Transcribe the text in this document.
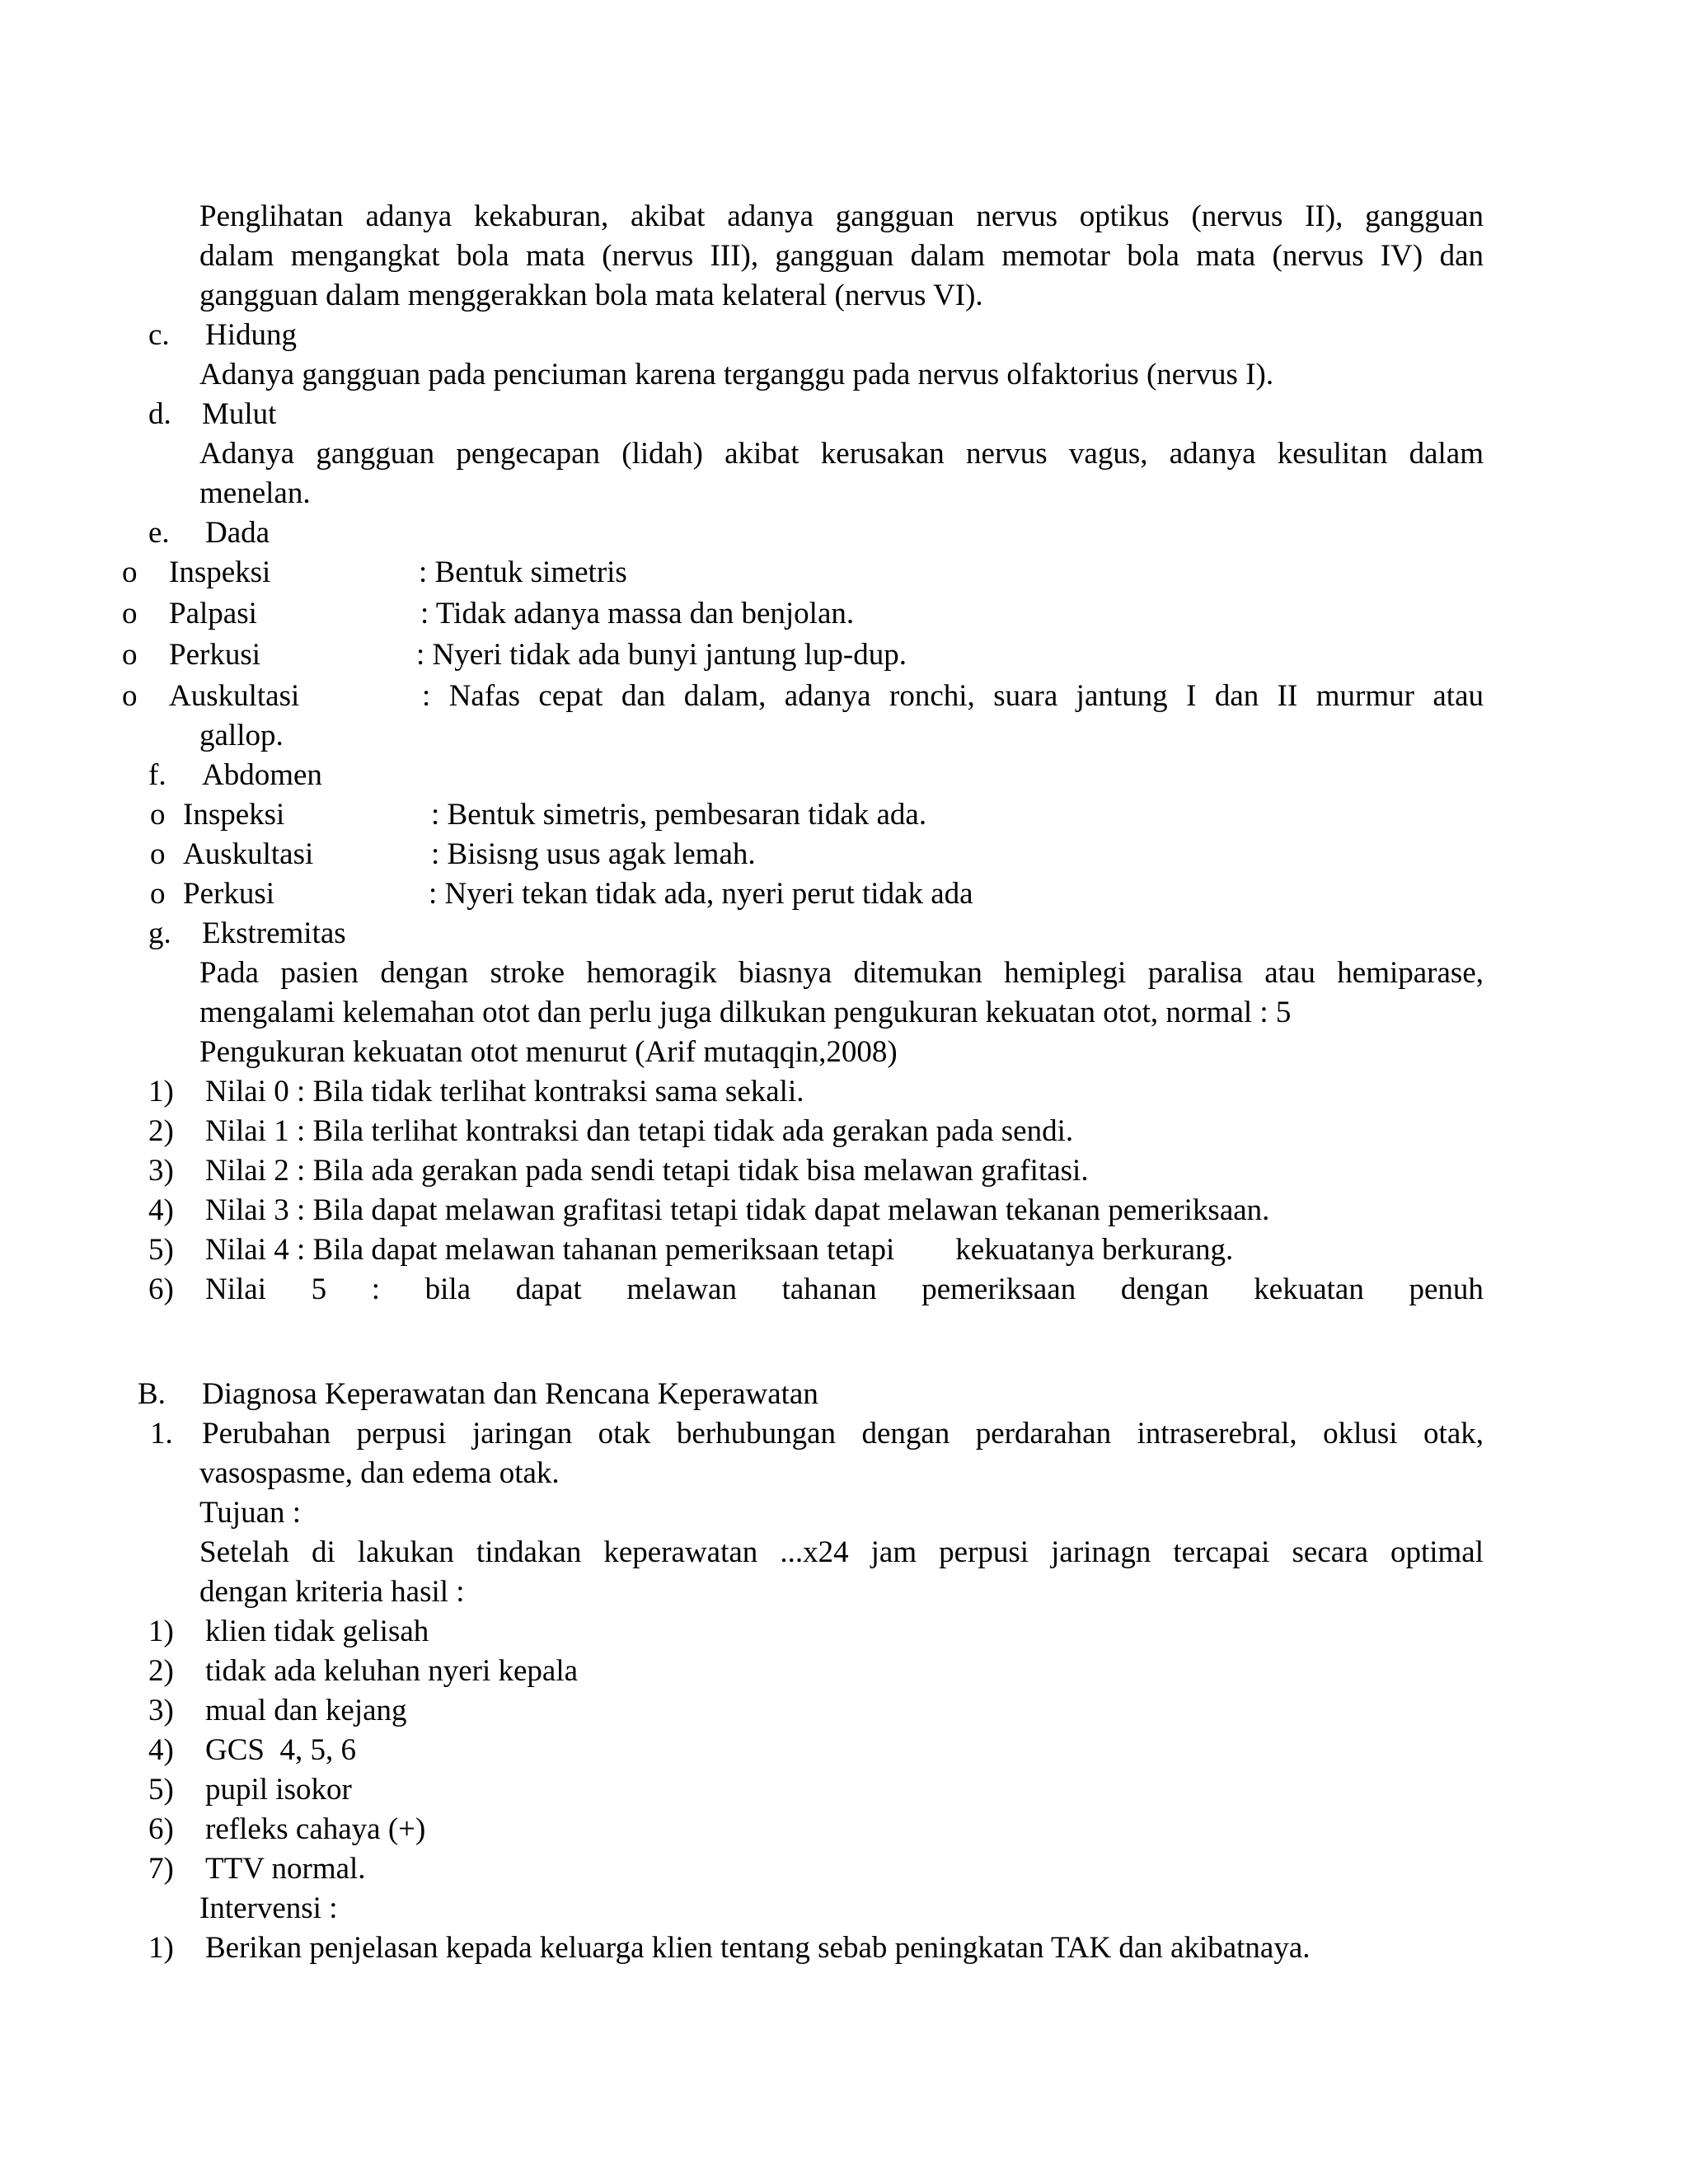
Penglihatan adanya kekaburan, akibat adanya gangguan nervus optikus (nervus II), gangguan
dalam mengangkat bola mata (nervus III), gangguan dalam memotar bola mata (nervus IV) dan
gangguan dalam menggerakkan bola mata kelateral (nervus VI).
c. Hidung
Adanya gangguan pada penciuman karena terganggu pada nervus olfaktorius (nervus I).
d. Mulut
Adanya gangguan pengecapan (lidah) akibat kerusakan nervus vagus, adanya kesulitan dalam
menelan.
e. Dada
o Inspeksi	: Bentuk simetris
o Palpasi	: Tidak adanya massa dan benjolan.
o Perkusi	: Nyeri tidak ada bunyi jantung lup-dup.
o Auskultasi	: Nafas cepat dan dalam, adanya ronchi, suara jantung I dan II murmur atau
gallop.
f. Abdomen
o Inspeksi	: Bentuk simetris, pembesaran tidak ada.
o Auskultasi	: Bisisng usus agak lemah.
o Perkusi	: Nyeri tekan tidak ada, nyeri perut tidak ada
g. Ekstremitas
Pada pasien dengan stroke hemoragik biasnya ditemukan hemiplegi paralisa atau hemiparase,
mengalami kelemahan otot dan perlu juga dilkukan pengukuran kekuatan otot, normal : 5
Pengukuran kekuatan otot menurut (Arif mutaqqin,2008)
1) Nilai 0 : Bila tidak terlihat kontraksi sama sekali.
2) Nilai 1 : Bila terlihat kontraksi dan tetapi tidak ada gerakan pada sendi.
3) Nilai 2 : Bila ada gerakan pada sendi tetapi tidak bisa melawan grafitasi.
4) Nilai 3 : Bila dapat melawan grafitasi tetapi tidak dapat melawan tekanan pemeriksaan.
5) Nilai 4 : Bila dapat melawan tahanan pemeriksaan tetapi        kekuatanya berkurang.
6) Nilai 5 : bila dapat melawan tahanan pemeriksaan dengan kekuatan penuh
B. Diagnosa Keperawatan dan Rencana Keperawatan
1. Perubahan perpusi jaringan otak berhubungan dengan perdarahan intraserebral, oklusi otak,
vasospasme, dan edema otak.
Tujuan :
Setelah di lakukan tindakan keperawatan ...x24 jam perpusi jarinagn tercapai secara optimal
dengan kriteria hasil :
1) klien tidak gelisah
2) tidak ada keluhan nyeri kepala
3) mual dan kejang
4) GCS  4, 5, 6
5) pupil isokor
6) refleks cahaya (+)
7) TTV normal.
Intervensi :
1) Berikan penjelasan kepada keluarga klien tentang sebab peningkatan TAK dan akibatnaya.
